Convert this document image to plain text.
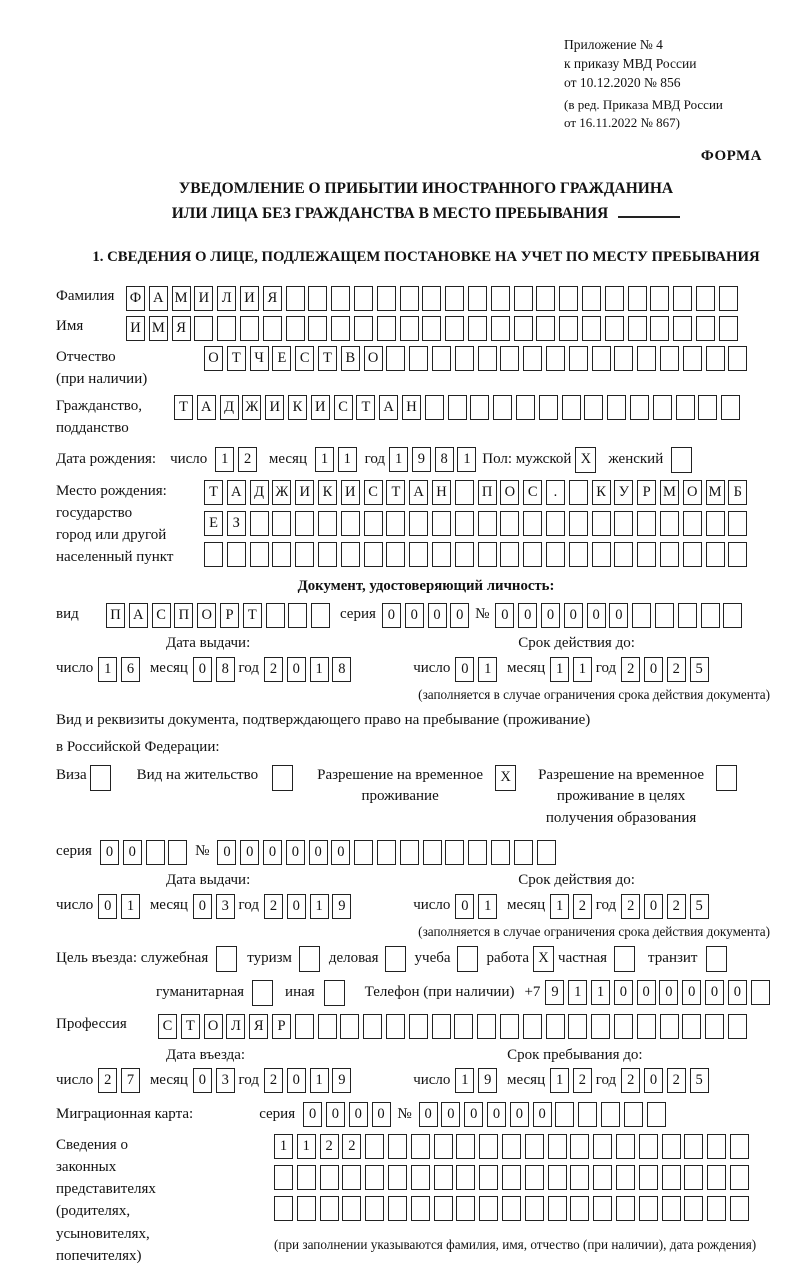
Приложение № 4
к приказу МВД России
от 10.12.2020 № 856
(в ред. Приказа МВД России
от 16.11.2022 № 867)
ФОРМА
УВЕДОМЛЕНИЕ О ПРИБЫТИИ ИНОСТРАННОГО ГРАЖДАНИНА
ИЛИ ЛИЦА БЕЗ ГРАЖДАНСТВА В МЕСТО ПРЕБЫВАНИЯ
1. СВЕДЕНИЯ О ЛИЦЕ, ПОДЛЕЖАЩЕМ ПОСТАНОВКЕ НА УЧЕТ ПО МЕСТУ ПРЕБЫВАНИЯ
Фамилия	Ф А М И Л И Я
Имя	И М Я
Отчество
(при наличии)
О Т Ч Е С Т В О
Гражданство,
подданство
Т А Д Ж И К И С Т А Н
Дата рождения: число 1	2	месяц 1	1 год 1	9	8	1 Пол: мужской X	женский
Место рождения:
государство
город или другой
населенный пункт
Т А Д Ж И К И С Т А Н П О С	.	К У Р М О М Б
Е	З
Документ, удостоверяющий личность:
вид	П А С П О Р Т	серия 0	0	0	0 № 0	0	0	0	0	0
Дата выдачи:	Срок действия до:
число 1	6	месяц 0	8 год 2	0	1	8	число 0	1	месяц 1	1 год 2	0	2	5
(заполняется в случае ограничения срока действия документа)
Вид и реквизиты документа, подтверждающего право на пребывание (проживание)
в Российской Федерации:
Виза	Вид на жительство	Разрешение на временное
проживание
X	Разрешение на временное
проживание в целях
получения образования
серия 0	0	№ 0	0	0	0	0	0
Дата выдачи:	Срок действия до:
число 0	1	месяц 0	3 год 2	0	1	9	число 0	1	месяц 1	2 год 2	0	2	5
(заполняется в случае ограничения срока действия документа)
Цель въезда: служебная	туризм деловая учеба работа X частная	транзит
гуманитарная	иная	Телефон (при наличии) +7 9	1	1	0	0	0	0	0	0
Профессия	С Т О Л Я Р
Дата въезда:	Срок пребывания до:
число 2	7	месяц 0	3 год 2	0	1	9	число 1	9	месяц 1	2 год 2	0	2	5
Миграционная карта:	серия 0	0	0	0 № 0	0	0	0	0	0
Сведения о
законных
представителях
(родителях,
усыновителях,
попечителях)
1	1	2	2
(при заполнении указываются фамилия, имя, отчество (при наличии), дата рождения)
